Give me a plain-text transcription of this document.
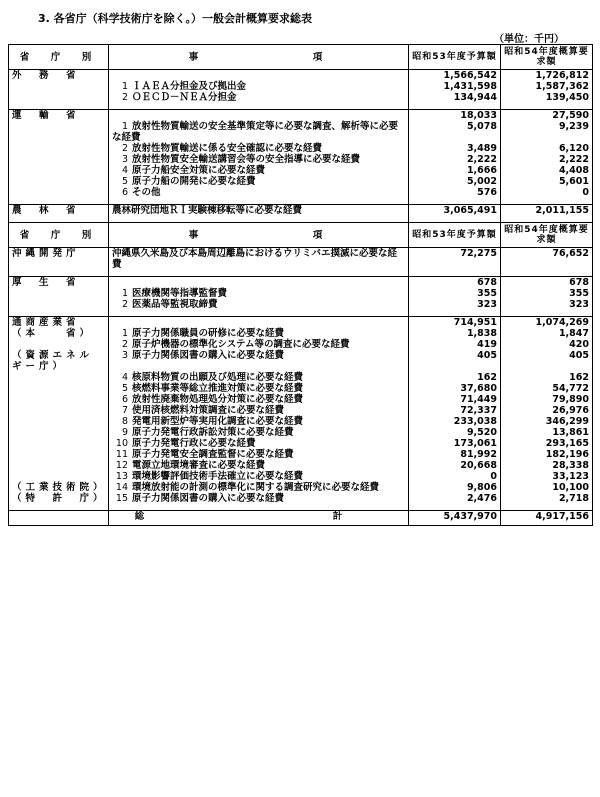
3. 各省庁（科学技術庁を除く。）一般会計概算要求総表
（単位：千円）
省　庁　別	事　　　　　　　項	昭和53年度予算額	昭和54年度概算要求額
外　務　省		1,566,542	1,726,812
	1 ＩＡＥＡ分担金及び拠出金	1,431,598	1,587,362
	2 ＯＥＣＤ－ＮＥＡ分担金	134,944	139,450

運　輸　省		18,033	27,590
	1 放射性物質輸送の安全基準策定等に必要な調査、解析等に必要な経費	5,078	9,239
	2 放射性物質輸送に係る安全確認に必要な経費	3,489	6,120
	3 放射性物質安全輸送講習会等の安全指導に必要な経費	2,222	2,222
	4 原子力船安全対策に必要な経費	1,666	4,408
	5 原子力船の開発に必要な経費	5,002	5,601
	6 その他	576	0

農　林　省	農林研究団地ＲＩ実験棟移転等に必要な経費	3,065,491	2,011,155

省　庁　別	事　　　　　　　項	昭和53年度予算額	昭和54年度概算要求額
沖縄開発庁	沖縄県久米島及び本島周辺離島におけるウリミバエ撲滅に必要な経費	72,275	76,652

厚　生　省		678	678
	1 医療機関等指導監督費	355	355
	2 医薬品等監視取締費	323	323

通商産業省		714,951	1,074,269
（本　　省）	1 原子力関係職員の研修に必要な経費	1,838	1,847
	2 原子炉機器の標準化システム等の調査に必要な経費	419	420
（資源エネルギー庁）	3 原子力関係図書の購入に必要な経費	405	405
	4 核原料物質の出願及び処理に必要な経費	162	162
	5 核燃料事業等総立推進対策に必要な経費	37,680	54,772
	6 放射性廃棄物処理処分対策に必要な経費	71,449	79,890
	7 使用済核燃料対策調査に必要な経費	72,337	26,976
	8 発電用新型炉等実用化調査に必要な経費	233,038	346,299
	9 原子力発電行政訴訟対策に必要な経費	9,520	13,861
	10 原子力発電行政に必要な経費	173,061	293,165
	11 原子力発電安全調査監督に必要な経費	81,992	182,196
	12 電源立地環境審査に必要な経費	20,668	28,338
	13 環境影響評価技術手法確立に必要な経費	0	33,123
（工業技術院）	14 環境放射能の計測の標準化に関する調査研究に必要な経費	9,806	10,100
（特　許　庁）	15 原子力関係図書の購入に必要な経費	2,476	2,718

	総　　　計	5,437,970	4,917,156
